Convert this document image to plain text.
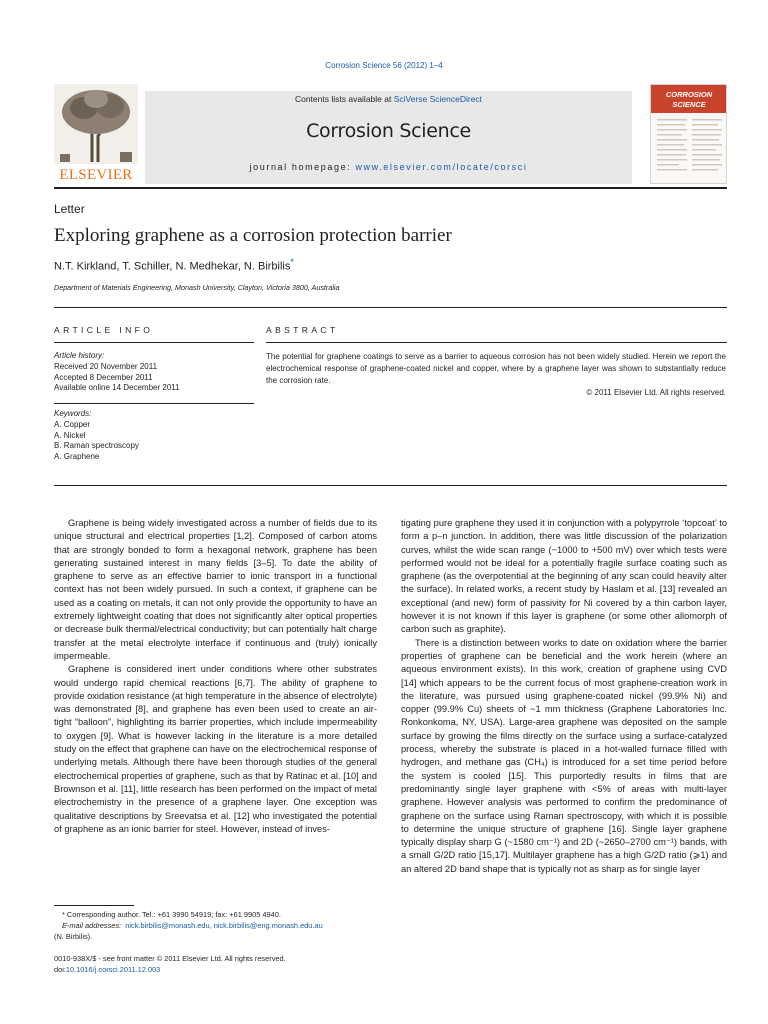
Corrosion Science 56 (2012) 1–4
ELSEVIER
Contents lists available at SciVerse ScienceDirect
Corrosion Science
journal homepage: www.elsevier.com/locate/corsci
CORROSION
SCIENCE
Letter
Exploring graphene as a corrosion protection barrier
N.T. Kirkland, T. Schiller, N. Medhekar, N. Birbilis*
Department of Materials Engineering, Monash University, Clayton, Victoria 3800, Australia
ARTICLE INFO
Article history:
Received 20 November 2011
Accepted 8 December 2011
Available online 14 December 2011
Keywords:
A. Copper
A. Nickel
B. Raman spectroscopy
A. Graphene
ABSTRACT
The potential for graphene coatings to serve as a barrier to aqueous corrosion has not been widely studied. Herein we report the electrochemical response of graphene-coated nickel and copper, where by a graphene layer was shown to substantially reduce the corrosion rate.
© 2011 Elsevier Ltd. All rights reserved.

Graphene is being widely investigated across a number of fields due to its unique structural and electrical properties [1,2]. Composed of carbon atoms that are strongly bonded to form a hexagonal network, graphene has been generating sustained interest in many fields [3–5]. To date the ability of graphene to serve as an effective barrier to ionic transport in a functional context has not been widely pursued. In such a context, if graphene can be used as a coating on metals, it can not only provide the opportunity to have an extremely lightweight coating that does not significantly alter optical properties or decrease bulk thermal/electrical conductivity; but can potentially halt charge transfer at the metal electrolyte interface if continuous and (truly) ionically impermeable.

Graphene is considered inert under conditions where other substrates would undergo rapid chemical reactions [6,7]. The ability of graphene to provide oxidation resistance (at high temperature in the absence of electrolyte) was demonstrated [8], and graphene has even been used to create an air-tight “balloon”, highlighting its barrier properties, which include impermeability to oxygen [9]. What is however lacking in the literature is a more detailed study on the effect that graphene can have on the electrochemical response of underlying metals. Although there have been thorough studies of the general electrochemical properties of graphene, such as that by Ratinac et al. [10] and Brownson et al. [11], little research has been performed on the impact of metal electrochemistry in the presence of a graphene layer. One exception was qualitative descriptions by Sreevatsa et al. [12] who investigated the potential of graphene as an ionic barrier for steel. However, instead of inves-

tigating pure graphene they used it in conjunction with a polypyrrole ‘topcoat’ to form a p–n junction. In addition, there was little discussion of the polarization curves, whilst the wide scan range (−1000 to +500 mV) over which tests were performed would not be ideal for a potentially fragile surface coating such as graphene (as the overpotential at the beginning of any scan could heavily alter the surface). In related works, a recent study by Haslam et al. [13] revealed an exceptional (and new) form of passivity for Ni covered by a thin carbon layer, however it is not known if this layer is graphene (or some other allomorph of carbon such as graphite).

There is a distinction between works to date on oxidation where the barrier properties of graphene can be beneficial and the work herein (where an aqueous environment exists). In this work, creation of graphene using CVD [14] which appears to be the current focus of most graphene-creation work in the literature, was pursued using graphene-coated nickel (99.9% Ni) and copper (99.9% Cu) sheets of ~1 mm thickness (Graphene Laboratories Inc. Ronkonkoma, NY, USA). Large-area graphene was deposited on the sample surface by growing the films directly on the surface using a surface-catalyzed process, whereby the substrate is placed in a hot-walled furnace filled with hydrogen, and methane gas (CH₄) is introduced for a set time period before the system is cooled [15]. This purportedly results in films that are predominantly single layer graphene with <5% of areas with multi-layer graphene. However analysis was performed to confirm the predominance of graphene on the surface using Raman spectroscopy, with which it is possible to determine the unique structure of graphene [16]. Single layer graphene typically display sharp G (~1580 cm⁻¹) and 2D (~2650–2700 cm⁻¹) bands, with a small G/2D ratio [15,17]. Multilayer graphene has a high G/2D ratio (⩾1) and an altered 2D band shape that is typically not as sharp as for single layer

* Corresponding author. Tel.: +61 3990 54919; fax: +61 9905 4940.
E-mail addresses: nick.birbilis@monash.edu, nick.birbilis@eng.monash.edu.au
(N. Birbilis).
0010-938X/$ - see front matter © 2011 Elsevier Ltd. All rights reserved.
doi:10.1016/j.corsci.2011.12.003
